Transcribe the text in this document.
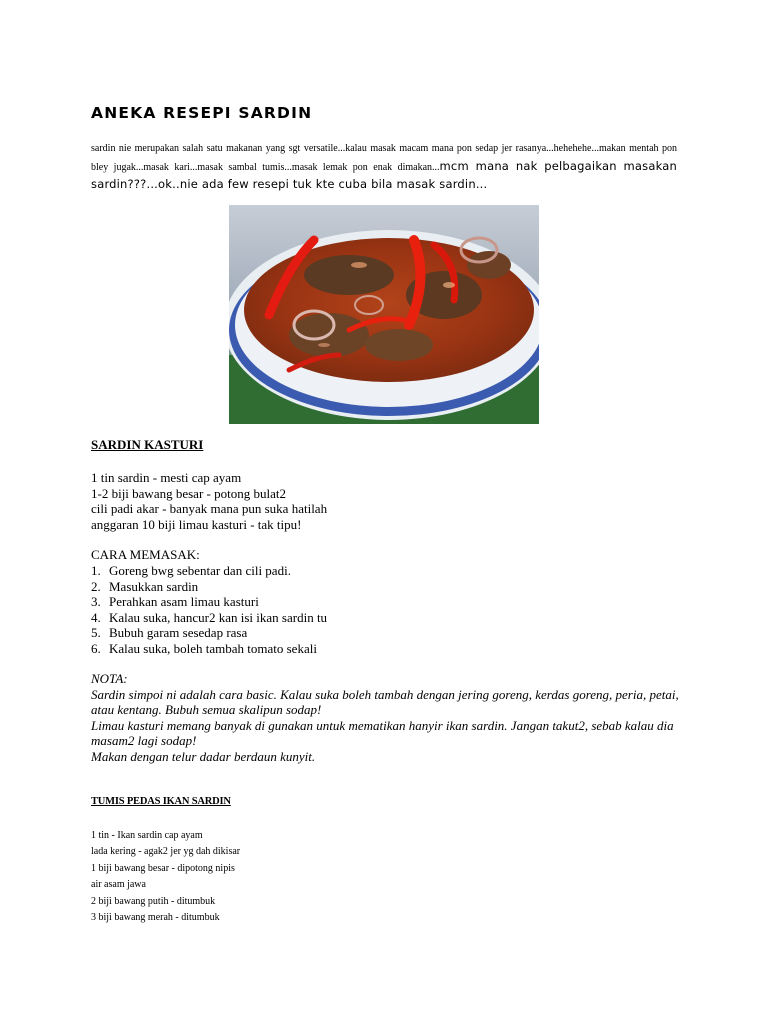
ANEKA RESEPI SARDIN

sardin nie merupakan salah satu makanan yang sgt versatile...kalau masak macam mana pon sedap jer rasanya...hehehehe...makan mentah pon bley jugak...masak kari...masak sambal tumis...masak lemak pon enak dimakan...mcm mana nak pelbagaikan masakan sardin???...ok..nie ada few resepi tuk kte cuba bila masak sardin...

SARDIN KASTURI
1 tin sardin - mesti cap ayam
1-2 biji bawang besar - potong bulat2
cili padi akar - banyak mana pun suka hatilah
anggaran 10 biji limau kasturi - tak tipu!

CARA MEMASAK:

1. Goreng bwg sebentar dan cili padi.
2. Masukkan sardin
3. Perahkan asam limau kasturi
4. Kalau suka, hancur2 kan isi ikan sardin tu
5. Bubuh garam sesedap rasa
6. Kalau suka, boleh tambah tomato sekali
NOTA:
Sardin simpoi ni adalah cara basic. Kalau suka boleh tambah dengan jering goreng, kerdas goreng, peria, petai, atau kentang. Bubuh semua skalipun sodap!
Limau kasturi memang banyak di gunakan untuk mematikan hanyir ikan sardin. Jangan takut2, sebab kalau dia masam2 lagi sodap!
Makan dengan telur dadar berdaun kunyit.
TUMIS PEDAS IKAN SARDIN
1 tin - Ikan sardin cap ayam
lada kering - agak2 jer yg dah dikisar
1 biji bawang besar - dipotong nipis
air asam jawa
2 biji bawang putih - ditumbuk
3 biji bawang merah - ditumbuk
